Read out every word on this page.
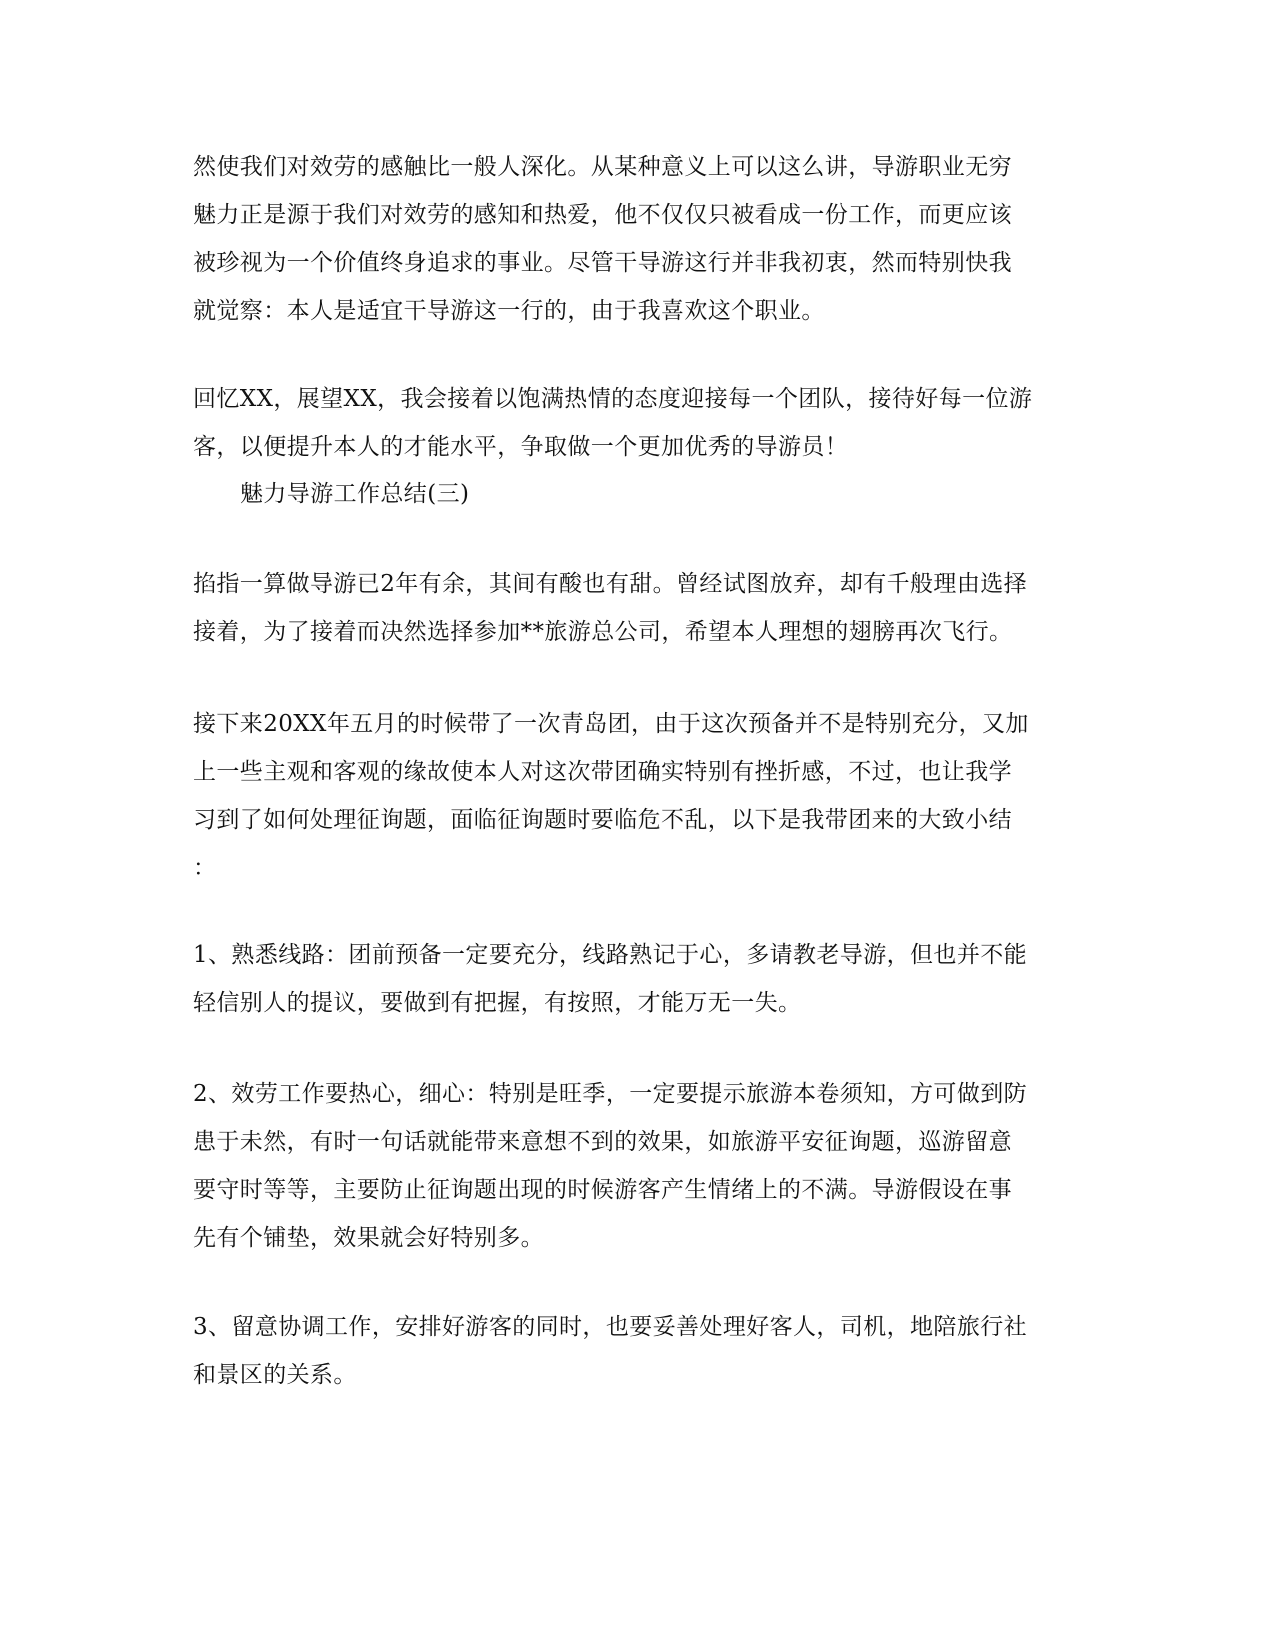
然使我们对效劳的感触比一般人深化。从某种意义上可以这么讲，导游职业无穷
魅力正是源于我们对效劳的感知和热爱，他不仅仅只被看成一份工作，而更应该
被珍视为一个价值终身追求的事业。尽管干导游这行并非我初衷，然而特别快我
就觉察：本人是适宜干导游这一行的，由于我喜欢这个职业。

回忆XX，展望XX，我会接着以饱满热情的态度迎接每一个团队，接待好每一位游
客，以便提升本人的才能水平，争取做一个更加优秀的导游员！

魅力导游工作总结(三)

掐指一算做导游已2年有余，其间有酸也有甜。曾经试图放弃，却有千般理由选择
接着，为了接着而决然选择参加**旅游总公司，希望本人理想的翅膀再次飞行。

接下来20XX年五月的时候带了一次青岛团，由于这次预备并不是特别充分，又加
上一些主观和客观的缘故使本人对这次带团确实特别有挫折感，不过，也让我学
习到了如何处理征询题，面临征询题时要临危不乱，以下是我带团来的大致小结
：

1、熟悉线路：团前预备一定要充分，线路熟记于心，多请教老导游，但也并不能
轻信别人的提议，要做到有把握，有按照，才能万无一失。

2、效劳工作要热心，细心：特别是旺季，一定要提示旅游本卷须知，方可做到防
患于未然，有时一句话就能带来意想不到的效果，如旅游平安征询题，巡游留意
要守时等等，主要防止征询题出现的时候游客产生情绪上的不满。导游假设在事
先有个铺垫，效果就会好特别多。

3、留意协调工作，安排好游客的同时，也要妥善处理好客人，司机，地陪旅行社
和景区的关系。
